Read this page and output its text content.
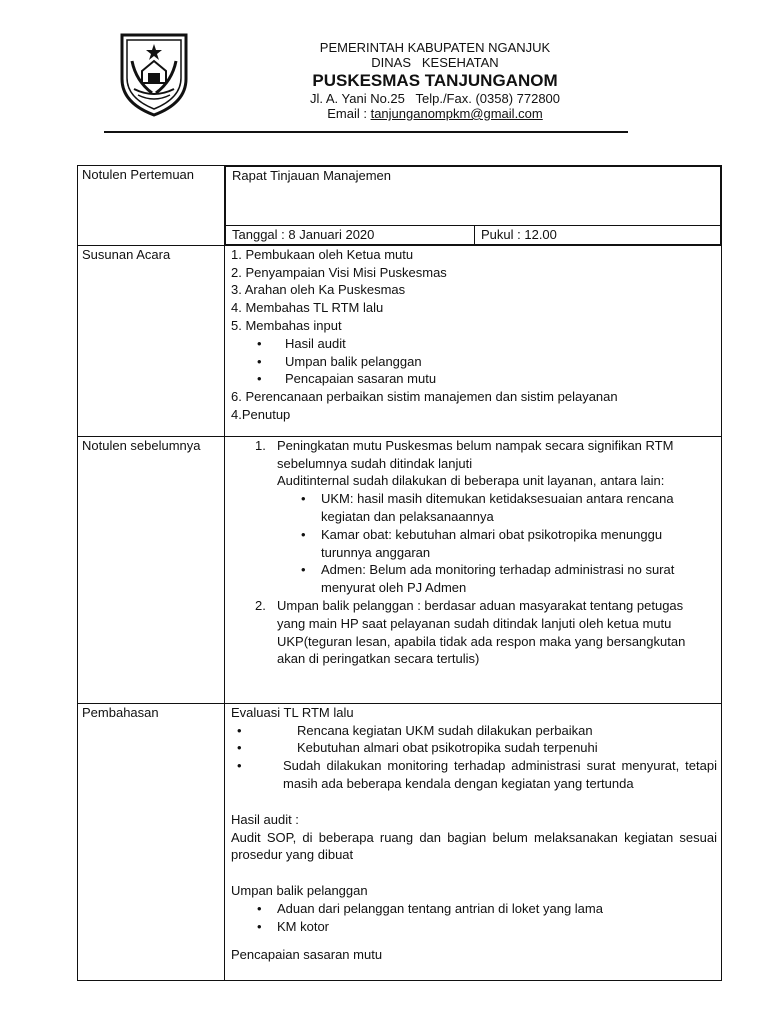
PEMERINTAH KABUPATEN NGANJUK
DINAS   KESEHATAN
PUSKESMAS TANJUNGANOM
Jl. A. Yani No.25   Telp./Fax. (0358) 772800
Email : tanjunganompkm@gmail.com
Notulen Pertemuan		Rapat Tinjauan Manajemen
Tanggal : 8 Januari 2020	Pukul : 12.00

Susunan Acara	1. Pembukaan oleh Ketua mutu
2. Penyampaian Visi Misi Puskesmas
3. Arahan oleh Ka Puskesmas
4. Membahas TL RTM lalu
5. Membahas input
• Hasil audit
• Umpan balik pelanggan
• Pencapaian sasaran mutu
6. Perencanaan perbaikan sistim manajemen dan sistim pelayanan
4.Penutup

Notulen sebelumnya	1. Peningkatan mutu Puskesmas belum nampak secara signifikan RTM sebelumnya sudah ditindak lanjuti
Auditinternal sudah dilakukan di beberapa unit layanan, antara lain:
• UKM: hasil masih ditemukan ketidaksesuaian antara rencana kegiatan dan pelaksanaannya
• Kamar obat: kebutuhan almari obat psikotropika menunggu turunnya anggaran
• Admen: Belum ada monitoring terhadap administrasi no surat menyurat oleh PJ Admen
2. Umpan balik pelanggan : berdasar aduan masyarakat tentang petugas yang main HP saat pelayanan sudah ditindak lanjuti oleh ketua mutu UKP(teguran lesan, apabila tidak ada respon maka yang bersangkutan akan di peringatkan secara tertulis)

Pembahasan	Evaluasi TL RTM lalu
• Rencana kegiatan UKM sudah dilakukan perbaikan
• Kebutuhan almari obat psikotropika sudah terpenuhi
• Sudah dilakukan monitoring terhadap administrasi surat menyurat, tetapi masih ada beberapa kendala dengan kegiatan yang tertunda
Hasil audit :
Audit SOP, di beberapa ruang dan bagian belum melaksanakan kegiatan sesuai prosedur yang dibuat
Umpan balik pelanggan
• Aduan dari pelanggan tentang antrian di loket yang lama
• KM kotor
Pencapaian sasaran mutu
